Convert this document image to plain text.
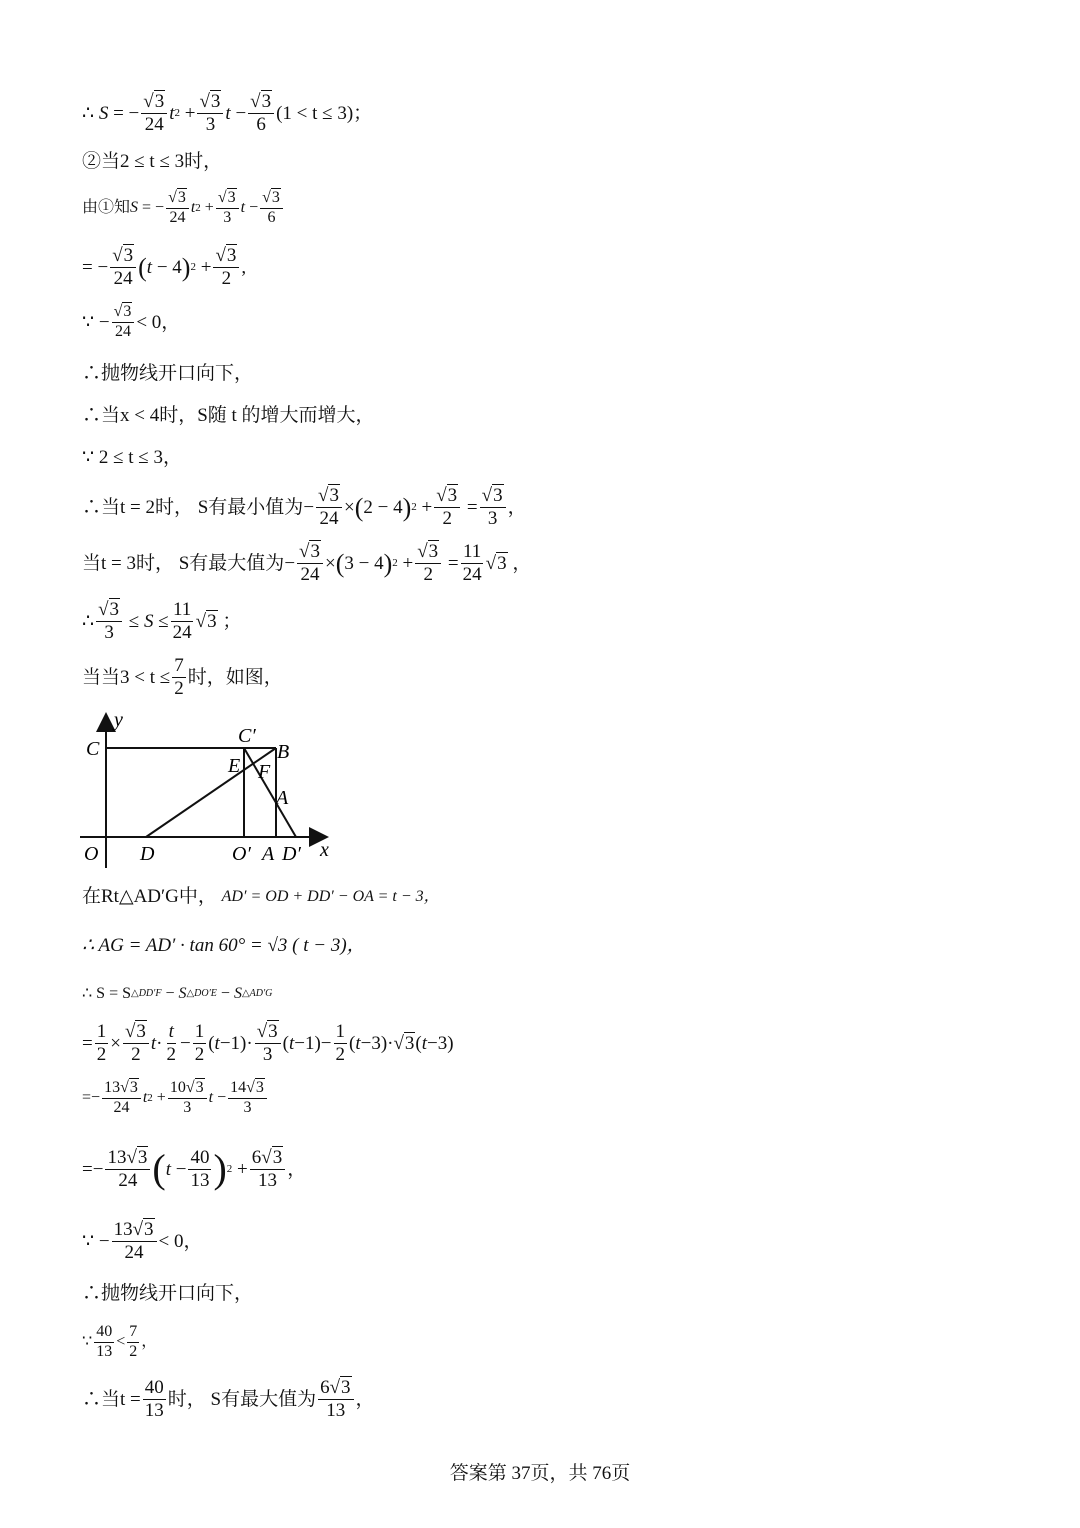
∴
S = − √ $\frac{3}{24}$ t 2 + √ $\frac{3}{3}$ t − √ $\frac{3}{6} (1 < t \le 3)$；
②当2 ≤ t ≤ 3时，
由①知 S = − √ $\frac{3}{24}$ t 2 + √ $\frac{3}{3}$ t − √ $\frac{3}{6}$
= − √ $\frac{3}{24}$ ( t − 4 ) 2 + √ $\frac{3}{2}$ ,
∵ − √ $\frac{3}{24} < 0$，
∴抛物线开口向下，
∴当x < 4时，S随 t 的增大而增大，
∵ 2 ≤ t ≤ 3，
∴当t = 2时， S有最小值为 − √ $\frac{3}{24}$ × ( 2 − 4 ) 2 + √ $\frac{3}{2}$ = √ $\frac{3}{3}$ ，
当t = 3时， S有最大值为 − √ $\frac{3}{24}$ × ( 3 − 4 ) 2 + √ $\frac{3}{2} = \frac{11}{24}$ √ 3 ，
∴ √ $\frac{3}{3} \le S \le \frac{11}{24}$ √ 3 ；
当当$3 < t \le \frac{7}{2}$ 时，如图，
y
C
C′
B
E F
A
O D	O′ A D′ x
在Rt△AD′G中，
AD′ = OD + DD′ − OA = t − 3，
∴ AG = AD′ · tan 60° = √3 ( t − 3)，
∴ S = S △DD′F − S △DO′E − S △AD′G
= $\frac{1}{2}$ × √ $\frac{3}{2}$ $t \cdot \frac{t}{2} - \frac{1}{2}$ ( t −1)· √ $\frac{3}{3}$ ( $t -1)- \frac{1}{2}$ ( t −3)· √ 3 ( t −3)
= − $\frac{13 √ 3}{24}$ t $2 + \frac{10 √ 3}{3}$ $t - \frac{14 √ 3}{3}$
= − $\frac{13 √ 3}{24}$ ( $t - \frac{40}{13}$ ) $2 + \frac{6 √ 3}{13}$ ，
∵ − $\frac{13 √ 3}{24} < 0$，
∴抛物线开口向下，
∵ $\frac{40}{13} < \frac{7}{2}$ ，
∴当$t = \frac{40}{13}$ 时， S有最大值为 $\frac{6 √ 3}{13}$ ，
答案第 37页，共 76页
